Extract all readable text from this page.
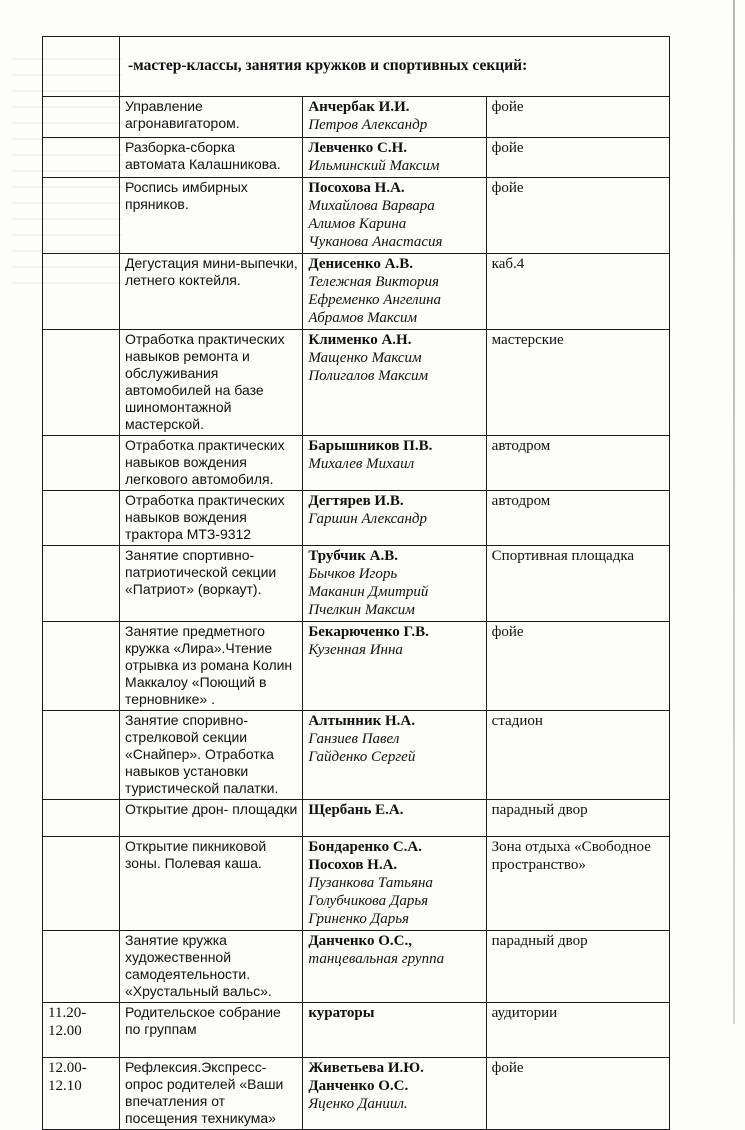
	-мастер-классы, занятия кружков и спортивных секций:		

	Управление агронавигатором.	Анчербак И.И.
Петров Александр	фойе

	Разборка-сборка автомата Калашникова.	Левченко С.Н.
Ильминский Максим	фойе

	Роспись имбирных пряников.	Посохова Н.А.
Михайлова Варвара
Алимов Карина
Чуканова Анастасия	фойе

	Дегустация мини-выпечки, летнего коктейля.	Денисенко А.В.
Тележная Виктория
Ефременко Ангелина
Абрамов Максим	каб.4

	Отработка практических навыков ремонта и обслуживания автомобилей на базе шиномонтажной мастерской.	Клименко А.Н.
Мащенко Максим
Полигалов Максим	мастерские

	Отработка практических навыков вождения легкового автомобиля.	Барышников П.В.
Михалев Михаил	автодром

	Отработка практических навыков вождения трактора МТЗ-9312	Дегтярев И.В.
Гаршин Александр	автодром

	Занятие спортивно- патриотической секции «Патриот» (воркаут).	Трубчик А.В.
Бычков Игорь
Маканин Дмитрий
Пчелкин Максим	Спортивная площадка

	Занятие предметного кружка «Лира».Чтение отрывка из романа Колин Маккалоу «Поющий в терновнике» .	Бекарюченко Г.В.
Кузенная Инна	фойе

	Занятие споривно-стрелковой секции «Снайпер». Отработка навыков установки туристической палатки.	Алтынник Н.А.
Ганзиев Павел
Гайденко Сергей	стадион

	Открытие дрон- площадки	Щербань Е.А.	парадный двор

	Открытие пикниковой зоны. Полевая каша.	Бондаренко С.А.
Посохов Н.А.
Пузанкова Татьяна
Голубчикова Дарья
Гриненко Дарья	Зона отдыха «Свободное пространство»

	Занятие кружка художественной самодеятельности. «Хрустальный вальс».	Данченко О.С.,
танцевальная группа	парадный двор

11.20-12.00	Родительское собрание по группам	кураторы	аудитории

12.00-12.10	Рефлексия.Экспресс-опрос родителей «Ваши впечатления от посещения техникума»	Живетьева И.Ю.
Данченко О.С.
Яценко Даниил.	фойе
